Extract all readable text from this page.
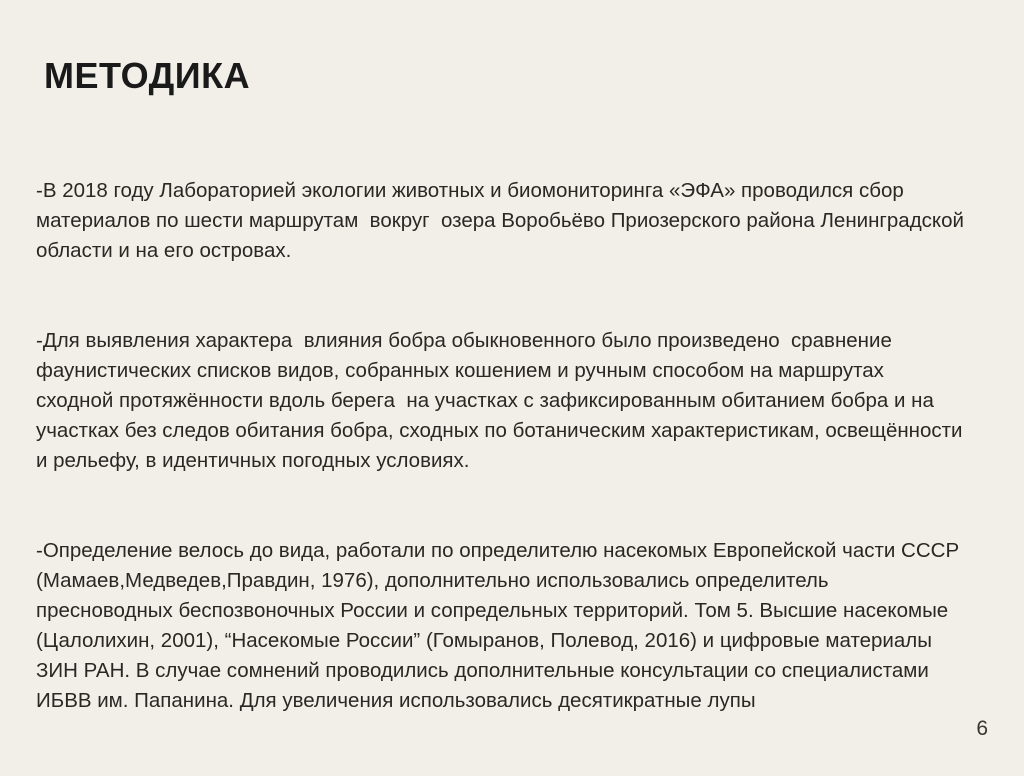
МЕТОДИКА

-В 2018 году Лабораторией экологии животных и биомониторинга «ЭФА» проводился сбор материалов по шести маршрутам  вокруг  озера Воробьёво Приозерского района Ленинградской области и на его островах.

-Для выявления характера  влияния бобра обыкновенного было произведено  сравнение фаунистических списков видов, собранных кошением и ручным способом на маршрутах сходной протяжённости вдоль берега  на участках с зафиксированным обитанием бобра и на участках без следов обитания бобра, сходных по ботаническим характеристикам, освещённости и рельефу, в идентичных погодных условиях.

-Определение велось до вида, работали по определителю насекомых Европейской части СССР (Мамаев,Медведев,Правдин, 1976), дополнительно использовались определитель пресноводных беспозвоночных России и сопредельных территорий. Том 5. Высшие насекомые (Цалолихин, 2001), “Насекомые России” (Гомыранов, Полевод, 2016) и цифровые материалы ЗИН РАН. В случае сомнений проводились дополнительные консультации со специалистами ИБВВ им. Папанина. Для увеличения использовались десятикратные лупы

6
